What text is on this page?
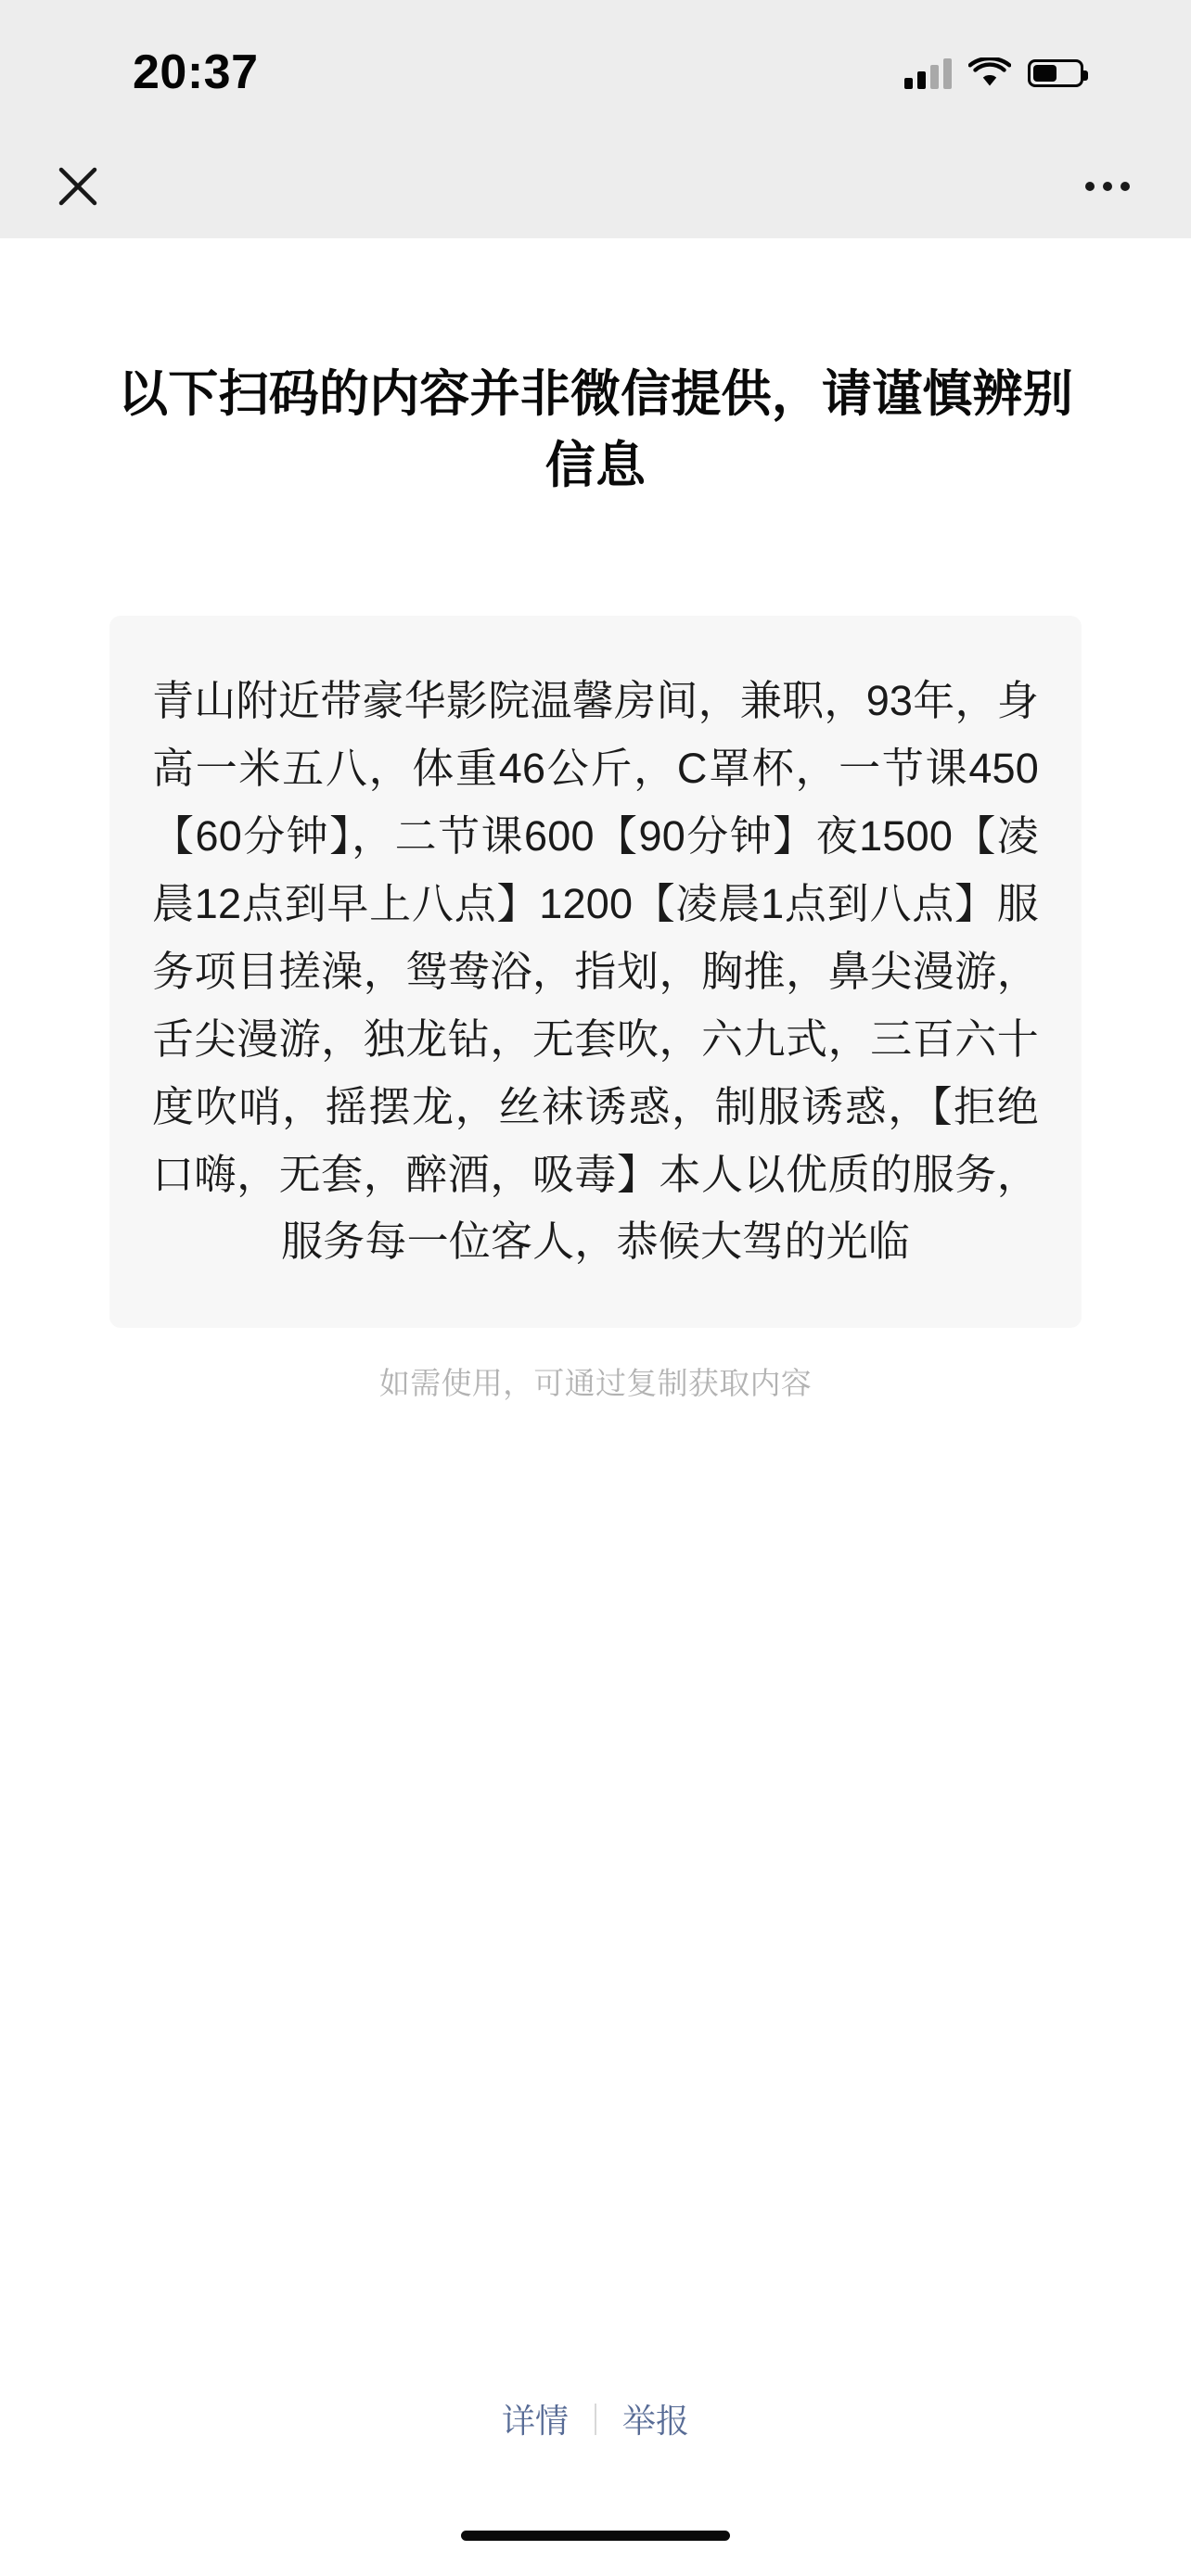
20:37
以下扫码的内容并非微信提供，请谨慎辨别信息
青山附近带豪华影院温馨房间，兼职，93年，身高一米五八，体重46公斤，C罩杯，一节课450【60分钟】，二节课600【90分钟】夜1500【凌晨12点到早上八点】1200【凌晨1点到八点】服务项目搓澡，鸳鸯浴，指划，胸推，鼻尖漫游，舌尖漫游，独龙钻，无套吹，六九式，三百六十度吹哨，摇摆龙，丝袜诱惑，制服诱惑，【拒绝口嗨，无套，醉酒，吸毒】本人以优质的服务，服务每一位客人，恭候大驾的光临
如需使用，可通过复制获取内容
详情	举报
